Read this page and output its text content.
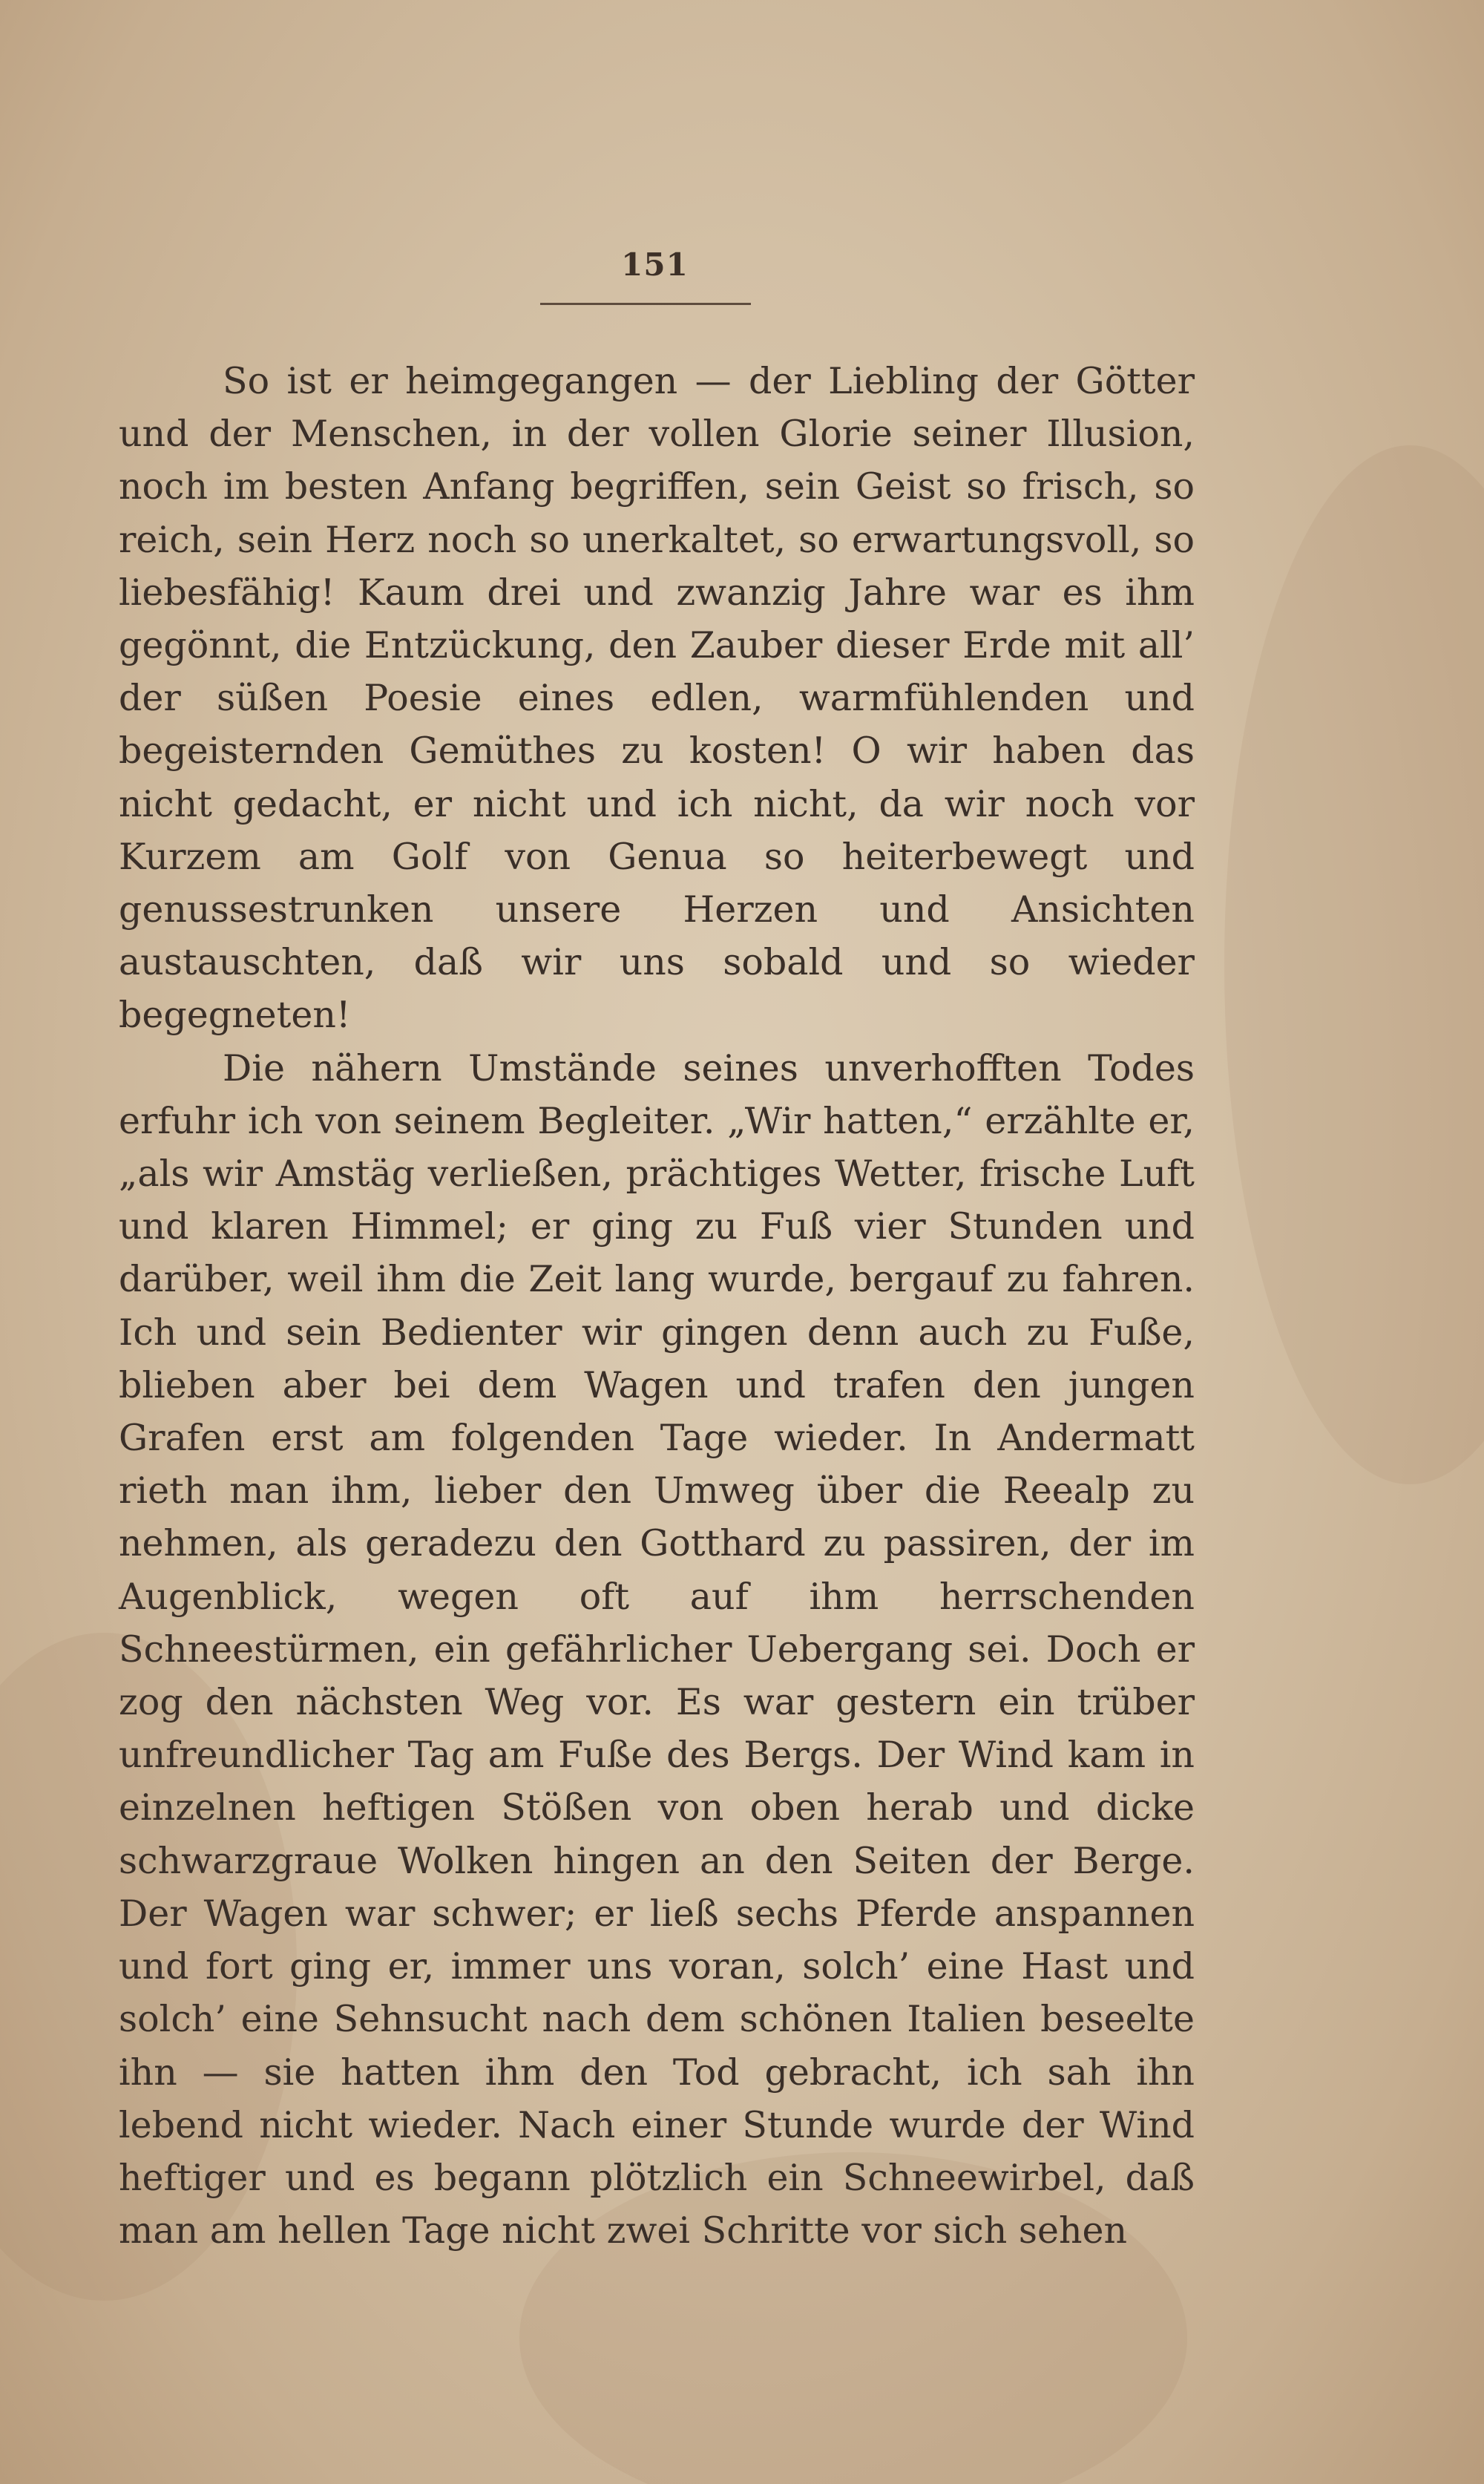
151

So ist er heimgegangen — der Liebling der Götter und der Menschen, in der vollen Glorie seiner Illusion, noch im besten Anfang begriffen, sein Geist so frisch, so reich, sein Herz noch so unerkaltet, so erwartungsvoll, so liebesfähig! Kaum drei und zwanzig Jahre war es ihm gegönnt, die Entzückung, den Zauber dieser Erde mit all’ der süßen Poesie eines edlen, warmfühlenden und begeisternden Gemüthes zu kosten! O wir haben das nicht gedacht, er nicht und ich nicht, da wir noch vor Kurzem am Golf von Genua so heiterbewegt und genussestrunken unsere Herzen und Ansichten austauschten, daß wir uns sobald und so wieder begegneten!

Die nähern Umstände seines unverhofften Todes erfuhr ich von seinem Begleiter. „Wir hatten,“ erzählte er, „als wir Amstäg verließen, prächtiges Wetter, frische Luft und klaren Himmel; er ging zu Fuß vier Stunden und darüber, weil ihm die Zeit lang wurde, bergauf zu fahren. Ich und sein Bedienter wir gingen denn auch zu Fuße, blieben aber bei dem Wagen und trafen den jungen Grafen erst am folgenden Tage wieder. In Andermatt rieth man ihm, lieber den Umweg über die Reealp zu nehmen, als geradezu den Gotthard zu passiren, der im Augenblick, wegen oft auf ihm herrschenden Schneestürmen, ein gefährlicher Uebergang sei. Doch er zog den nächsten Weg vor. Es war gestern ein trüber unfreundlicher Tag am Fuße des Bergs. Der Wind kam in einzelnen heftigen Stößen von oben herab und dicke schwarzgraue Wolken hingen an den Seiten der Berge. Der Wagen war schwer; er ließ sechs Pferde anspannen und fort ging er, immer uns voran, solch’ eine Hast und solch’ eine Sehnsucht nach dem schönen Italien beseelte ihn — sie hatten ihm den Tod gebracht, ich sah ihn lebend nicht wieder. Nach einer Stunde wurde der Wind heftiger und es begann plötzlich ein Schneewirbel, daß man am hellen Tage nicht zwei Schritte vor sich sehen
